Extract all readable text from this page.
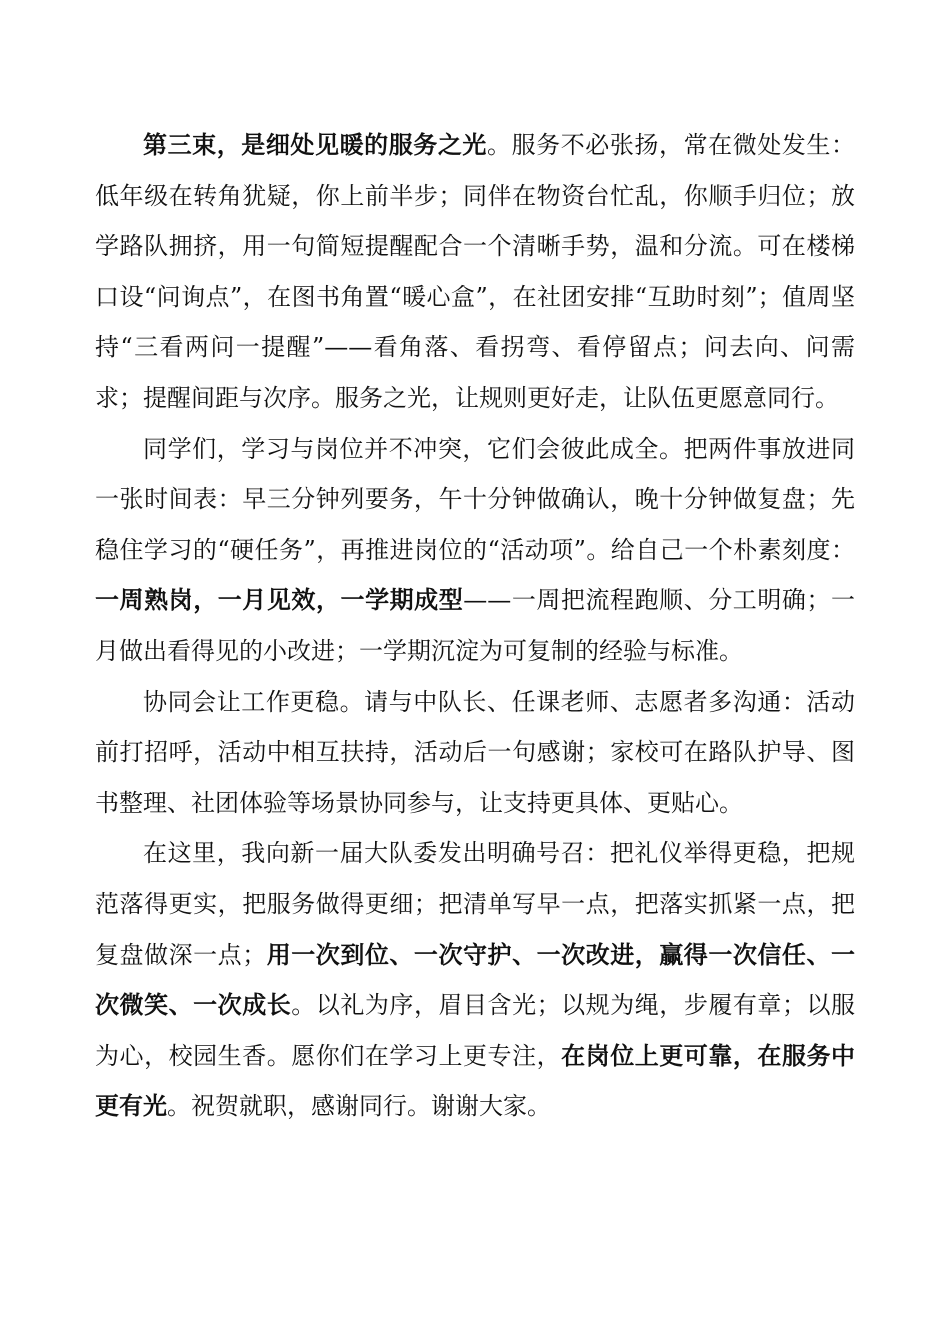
第三束，是细处见暖的服务之光。服务不必张扬，常在微处发生：低年级在转角犹疑，你上前半步；同伴在物资台忙乱，你顺手归位；放学路队拥挤，用一句简短提醒配合一个清晰手势，温和分流。可在楼梯口设“问询点”，在图书角置“暖心盒”，在社团安排“互助时刻”；值周坚持“三看两问一提醒”——看角落、看拐弯、看停留点；问去向、问需求；提醒间距与次序。服务之光，让规则更好走，让队伍更愿意同行。

同学们，学习与岗位并不冲突，它们会彼此成全。把两件事放进同一张时间表：早三分钟列要务，午十分钟做确认，晚十分钟做复盘；先稳住学习的“硬任务”，再推进岗位的“活动项”。给自己一个朴素刻度：一周熟岗，一月见效，一学期成型——一周把流程跑顺、分工明确；一月做出看得见的小改进；一学期沉淀为可复制的经验与标准。

协同会让工作更稳。请与中队长、任课老师、志愿者多沟通：活动前打招呼，活动中相互扶持，活动后一句感谢；家校可在路队护导、图书整理、社团体验等场景协同参与，让支持更具体、更贴心。

在这里，我向新一届大队委发出明确号召：把礼仪举得更稳，把规范落得更实，把服务做得更细；把清单写早一点，把落实抓紧一点，把复盘做深一点；用一次到位、一次守护、一次改进，赢得一次信任、一次微笑、一次成长。以礼为序，眉目含光；以规为绳，步履有章；以服为心，校园生香。愿你们在学习上更专注，在岗位上更可靠，在服务中更有光。祝贺就职，感谢同行。谢谢大家。
